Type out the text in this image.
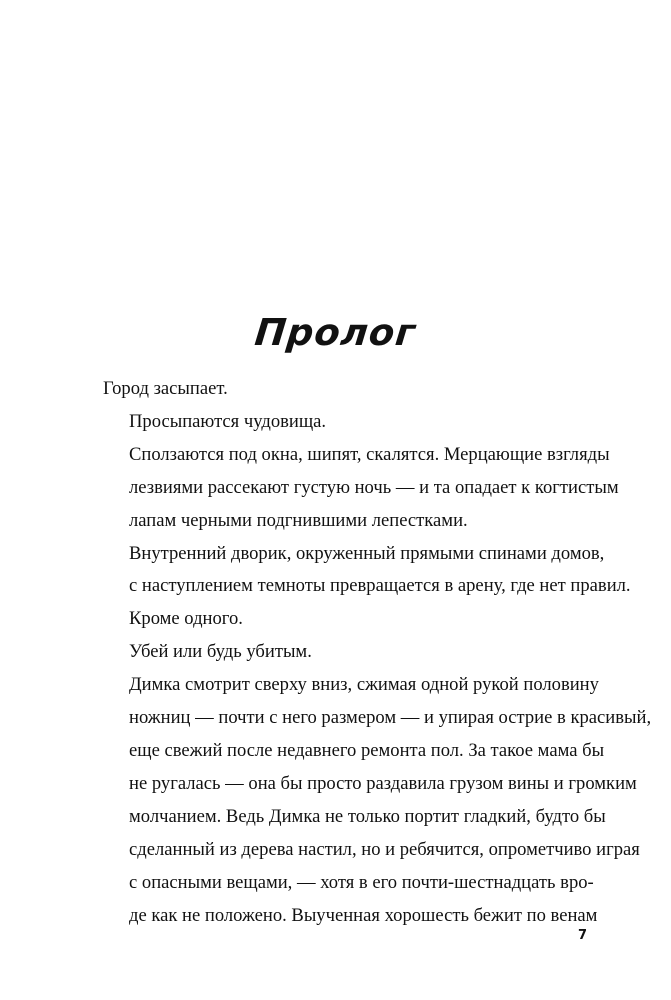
Пролог

Город засыпает.

Просыпаются чудовища.

Сползаются под окна, шипят, скалятся. Мерцающие взгляды
лезвиями рассекают густую ночь — и та опадает к когтистым
лапам черными подгнившими лепестками.

Внутренний дворик, окруженный прямыми спинами домов,
с наступлением темноты превращается в арену, где нет правил.

Кроме одного.

Убей или будь убитым.

Димка смотрит сверху вниз, сжимая одной рукой половину
ножниц — почти с него размером — и упирая острие в красивый,
еще свежий после недавнего ремонта пол. За такое мама бы
не ругалась — она бы просто раздавила грузом вины и громким
молчанием. Ведь Димка не только портит гладкий, будто бы
сделанный из дерева настил, но и ребячится, опрометчиво играя
с опасными вещами, — хотя в его почти-шестнадцать вро-
де как не положено. Выученная хорошесть бежит по венам

7
